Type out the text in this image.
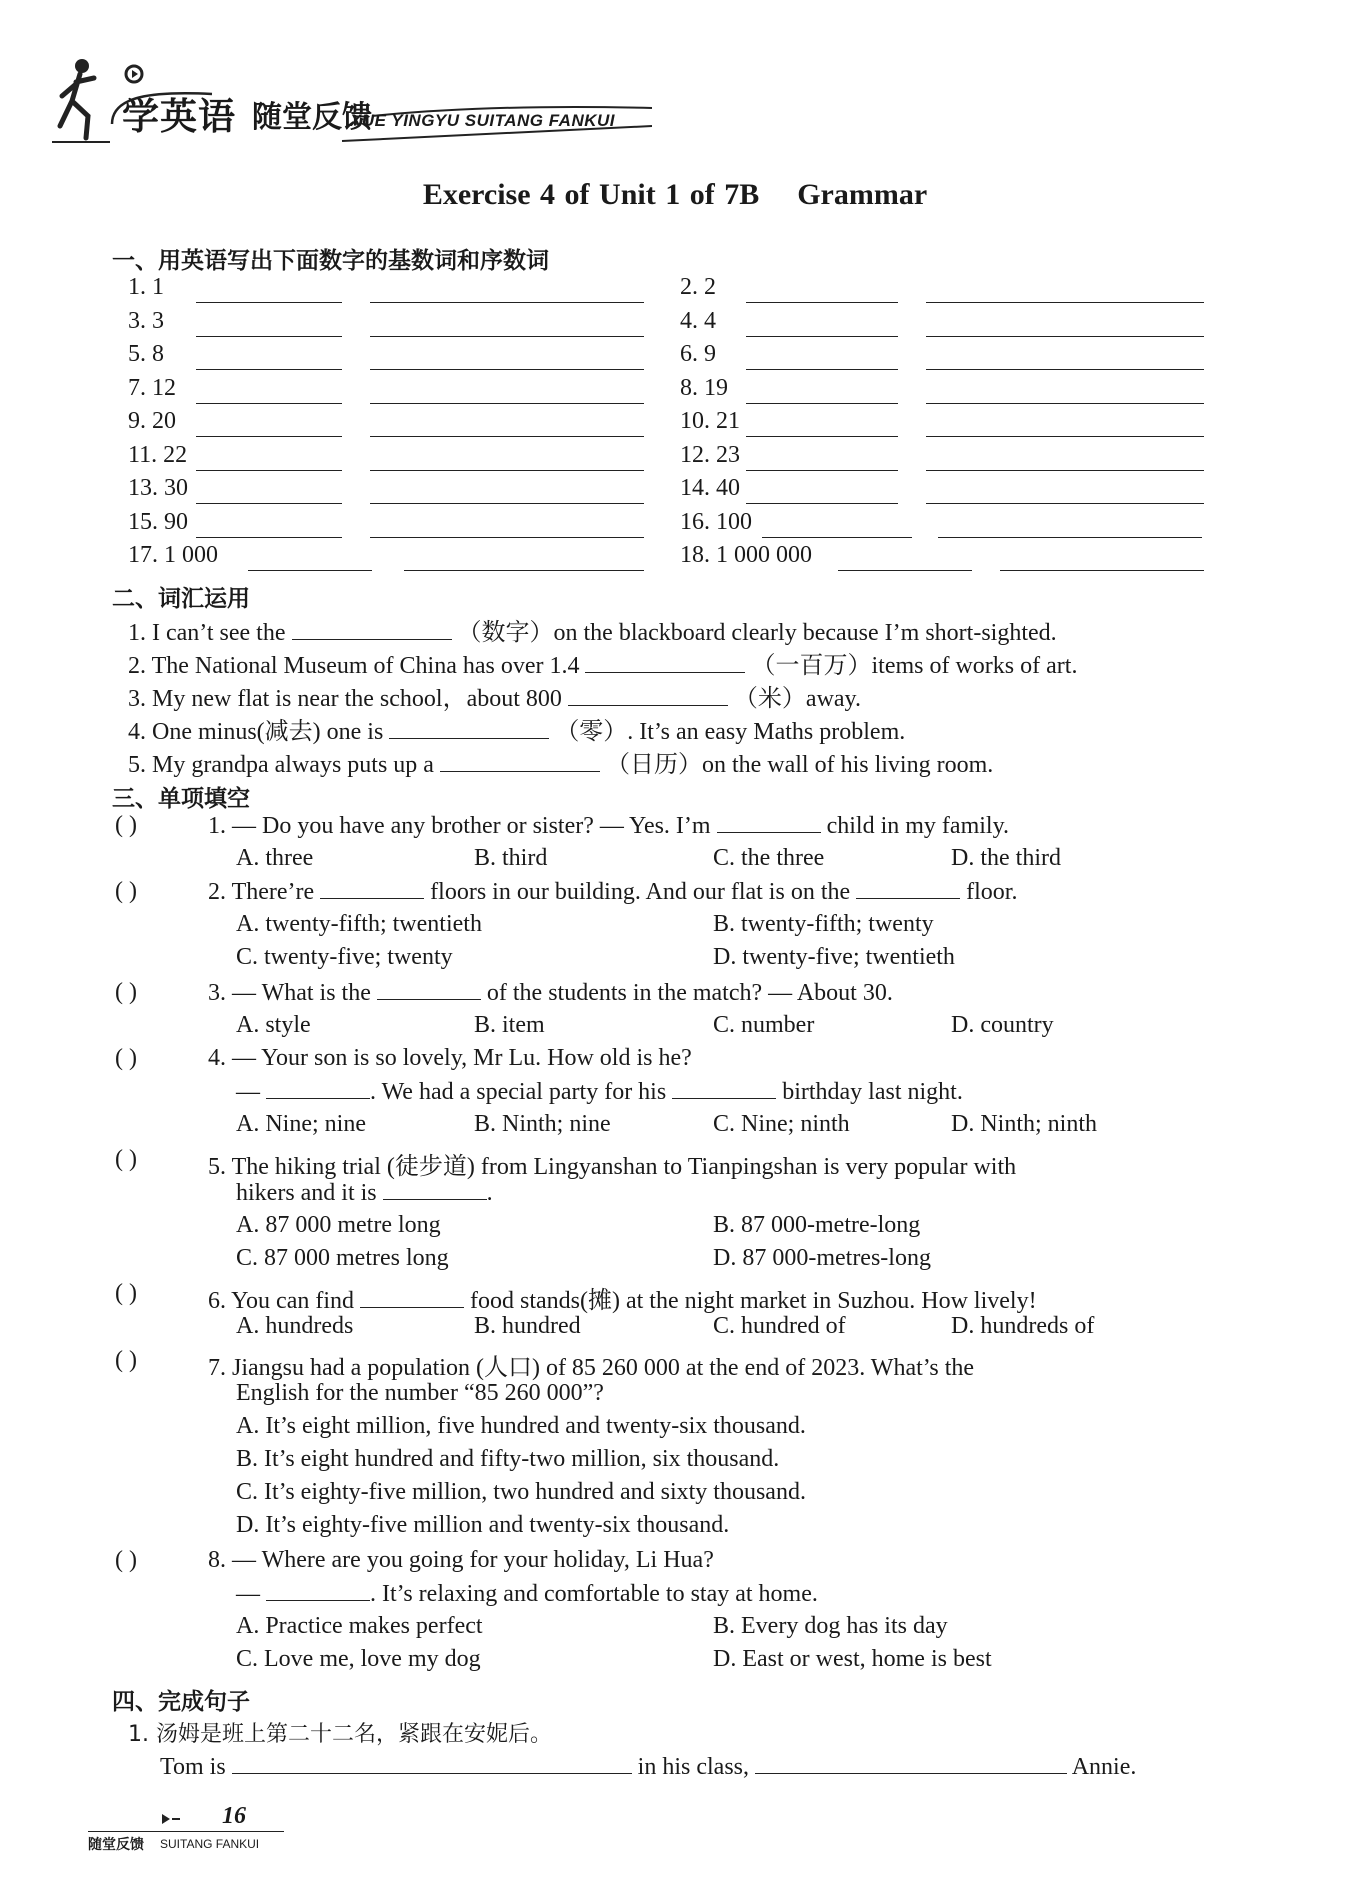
学英语 随堂反馈
XUE YINGYU SUITANG FANKUI
Exercise 4 of Unit 1 of 7B    Grammar
一、用英语写出下面数字的基数词和序数词
1. 1	2. 2
3. 3	4. 4
5. 8	6. 9
7. 12	8. 19
9. 20	10. 21
11. 22	12. 23
13. 30	14. 40
15. 90	16. 100
17. 1 000	18. 1 000 000
二、词汇运用
1. I can’t see the	（数字）on the blackboard clearly because I’m short-sighted.
2. The National Museum of China has over 1.4	（一百万）items of works of art.
3. My new flat is near the school，about 800	（米）away.
4. One minus(减去) one is	（零）. It’s an easy Maths problem.
5. My grandpa always puts up a	（日历）on the wall of his living room.
三、单项填空
( )	1. — Do you have any brother or sister? — Yes. I’m	child in my family.
A. three	B. third	C. the three	D. the third
( )	2. There’re	floors in our building. And our flat is on the	floor.
A. twenty-fifth; twentieth	B. twenty-fifth; twenty
C. twenty-five; twenty	D. twenty-five; twentieth
( )	3. — What is the	of the students in the match? — About 30.
A. style	B. item	C. number	D. country
( )	4. — Your son is so lovely, Mr Lu. How old is he?
—	. We had a special party for his	birthday last night.
A. Nine; nine	B. Ninth; nine	C. Nine; ninth	D. Ninth; ninth
( )	5. The hiking trial (徒步道) from Lingyanshan to Tianpingshan is very popular with
hikers and it is	.
A. 87 000 metre long	B. 87 000-metre-long
C. 87 000 metres long	D. 87 000-metres-long
( )	6. You can find	food stands(摊) at the night market in Suzhou. How lively!
A. hundreds	B. hundred	C. hundred of	D. hundreds of
( )	7. Jiangsu had a population (人口) of 85 260 000 at the end of 2023. What’s the
English for the number “85 260 000”?
A. It’s eight million, five hundred and twenty-six thousand.
B. It’s eight hundred and fifty-two million, six thousand.
C. It’s eighty-five million, two hundred and sixty thousand.
D. It’s eighty-five million and twenty-six thousand.
( )	8. — Where are you going for your holiday, Li Hua?
—	. It’s relaxing and comfortable to stay at home.
A. Practice makes perfect	B. Every dog has its day
C. Love me, love my dog	D. East or west, home is best
四、完成句子
1. 汤姆是班上第二十二名，紧跟在安妮后。
Tom is	in his class,	Annie.
16
随堂反馈 SUITANG FANKUI
